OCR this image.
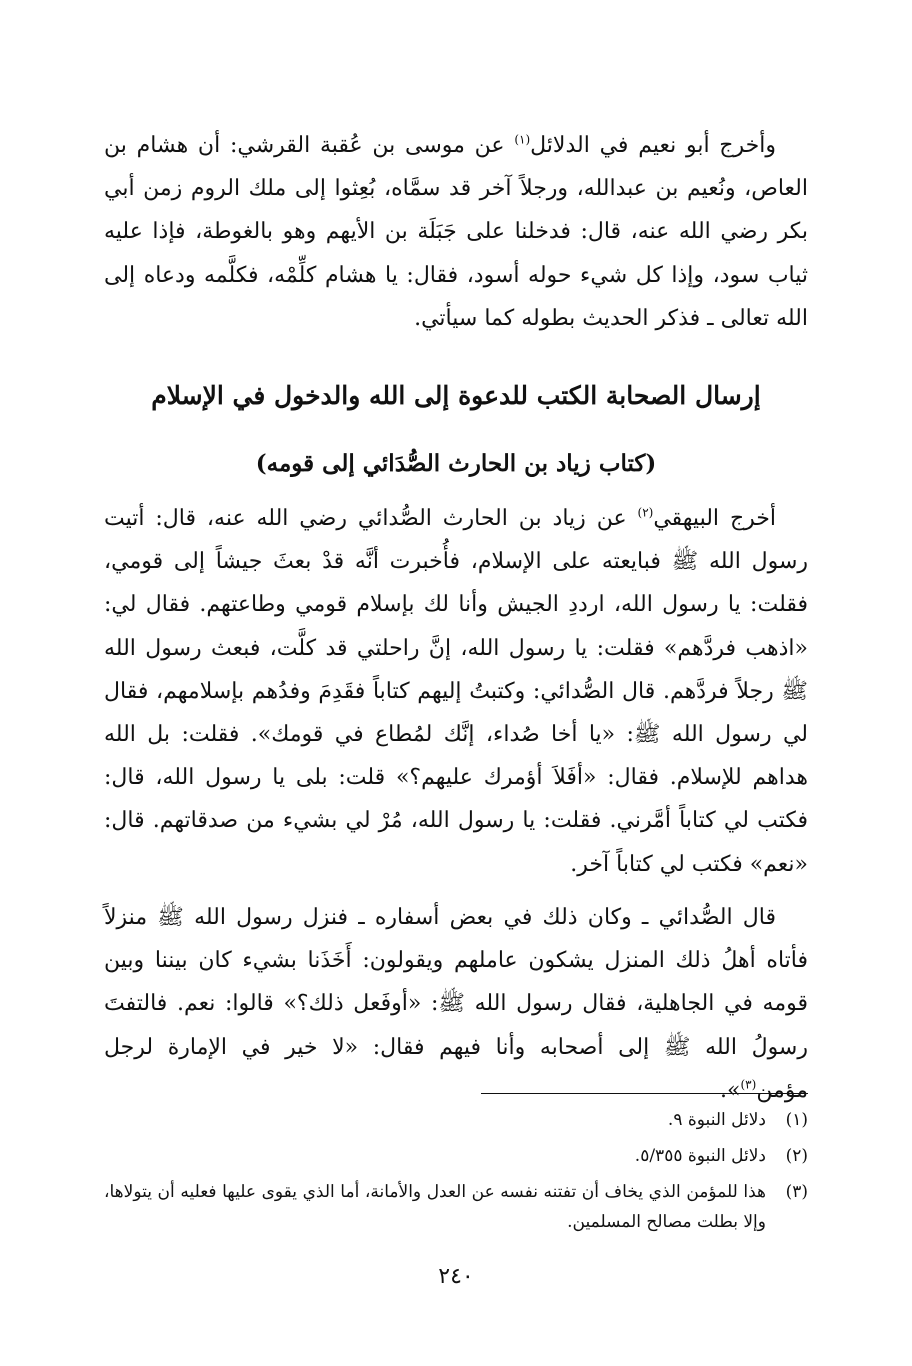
وأخرج أبو نعيم في الدلائل$^{(١)}$ عن موسى بن عُقبة القرشي: أن هشام بن العاص، ونُعيم بن عبدالله، ورجلاً آخر قد سمَّاه، بُعِثوا إلى ملك الروم زمن أبي بكر رضي الله عنه، قال: فدخلنا على جَبَلَة بن الأيهم وهو بالغوطة، فإذا عليه ثياب سود، وإذا كل شيء حوله أسود، فقال: يا هشام كلِّمْه، فكلَّمه ودعاه إلى الله تعالى ـ فذكر الحديث بطوله كما سيأتي.

إرسال الصحابة الكتب للدعوة إلى الله والدخول في الإسلام
(كتاب زياد بن الحارث الصُّدَائي إلى قومه)

أخرج البيهقي$^{(٢)}$ عن زياد بن الحارث الصُّدائي رضي الله عنه، قال: أتيت رسول الله ﷺ فبايعته على الإسلام، فأُخبرت أنَّه قدْ بعثَ جيشاً إلى قومي، فقلت: يا رسول الله، ارددِ الجيش وأنا لك بإسلام قومي وطاعتهم. فقال لي: «اذهب فردَّهم» فقلت: يا رسول الله، إنَّ راحلتي قد كلَّت، فبعث رسول الله ﷺ رجلاً فردَّهم. قال الصُّدائي: وكتبتُ إليهم كتاباً فقَدِمَ وفدُهم بإسلامهم، فقال لي رسول الله ﷺ: «يا أخا صُداء، إنَّك لمُطاع في قومك». فقلت: بل الله هداهم للإسلام. فقال: «أفَلاَ أؤمرك عليهم؟» قلت: بلى يا رسول الله، قال: فكتب لي كتاباً أمَّرني. فقلت: يا رسول الله، مُرْ لي بشيء من صدقاتهم. قال: «نعم» فكتب لي كتاباً آخر.

قال الصُّدائي ـ وكان ذلك في بعض أسفاره ـ فنزل رسول الله ﷺ منزلاً فأتاه أهلُ ذلك المنزل يشكون عاملهم ويقولون: أَخَذَنا بشيء كان بيننا وبين قومه في الجاهلية، فقال رسول الله ﷺ: «أوفَعل ذلك؟» قالوا: نعم. فالتفتَ رسولُ الله ﷺ إلى أصحابه وأنا فيهم فقال: «لا خير في الإمارة لرجل مؤمن$^{(٣)}$».

(١)
دلائل النبوة ٩.
(٢)
دلائل النبوة ٥/٣٥٥.
(٣)
هذا للمؤمن الذي يخاف أن تفتنه نفسه عن العدل والأمانة، أما الذي يقوى عليها فعليه أن يتولاها، وإلا بطلت مصالح المسلمين.
٢٤٠
